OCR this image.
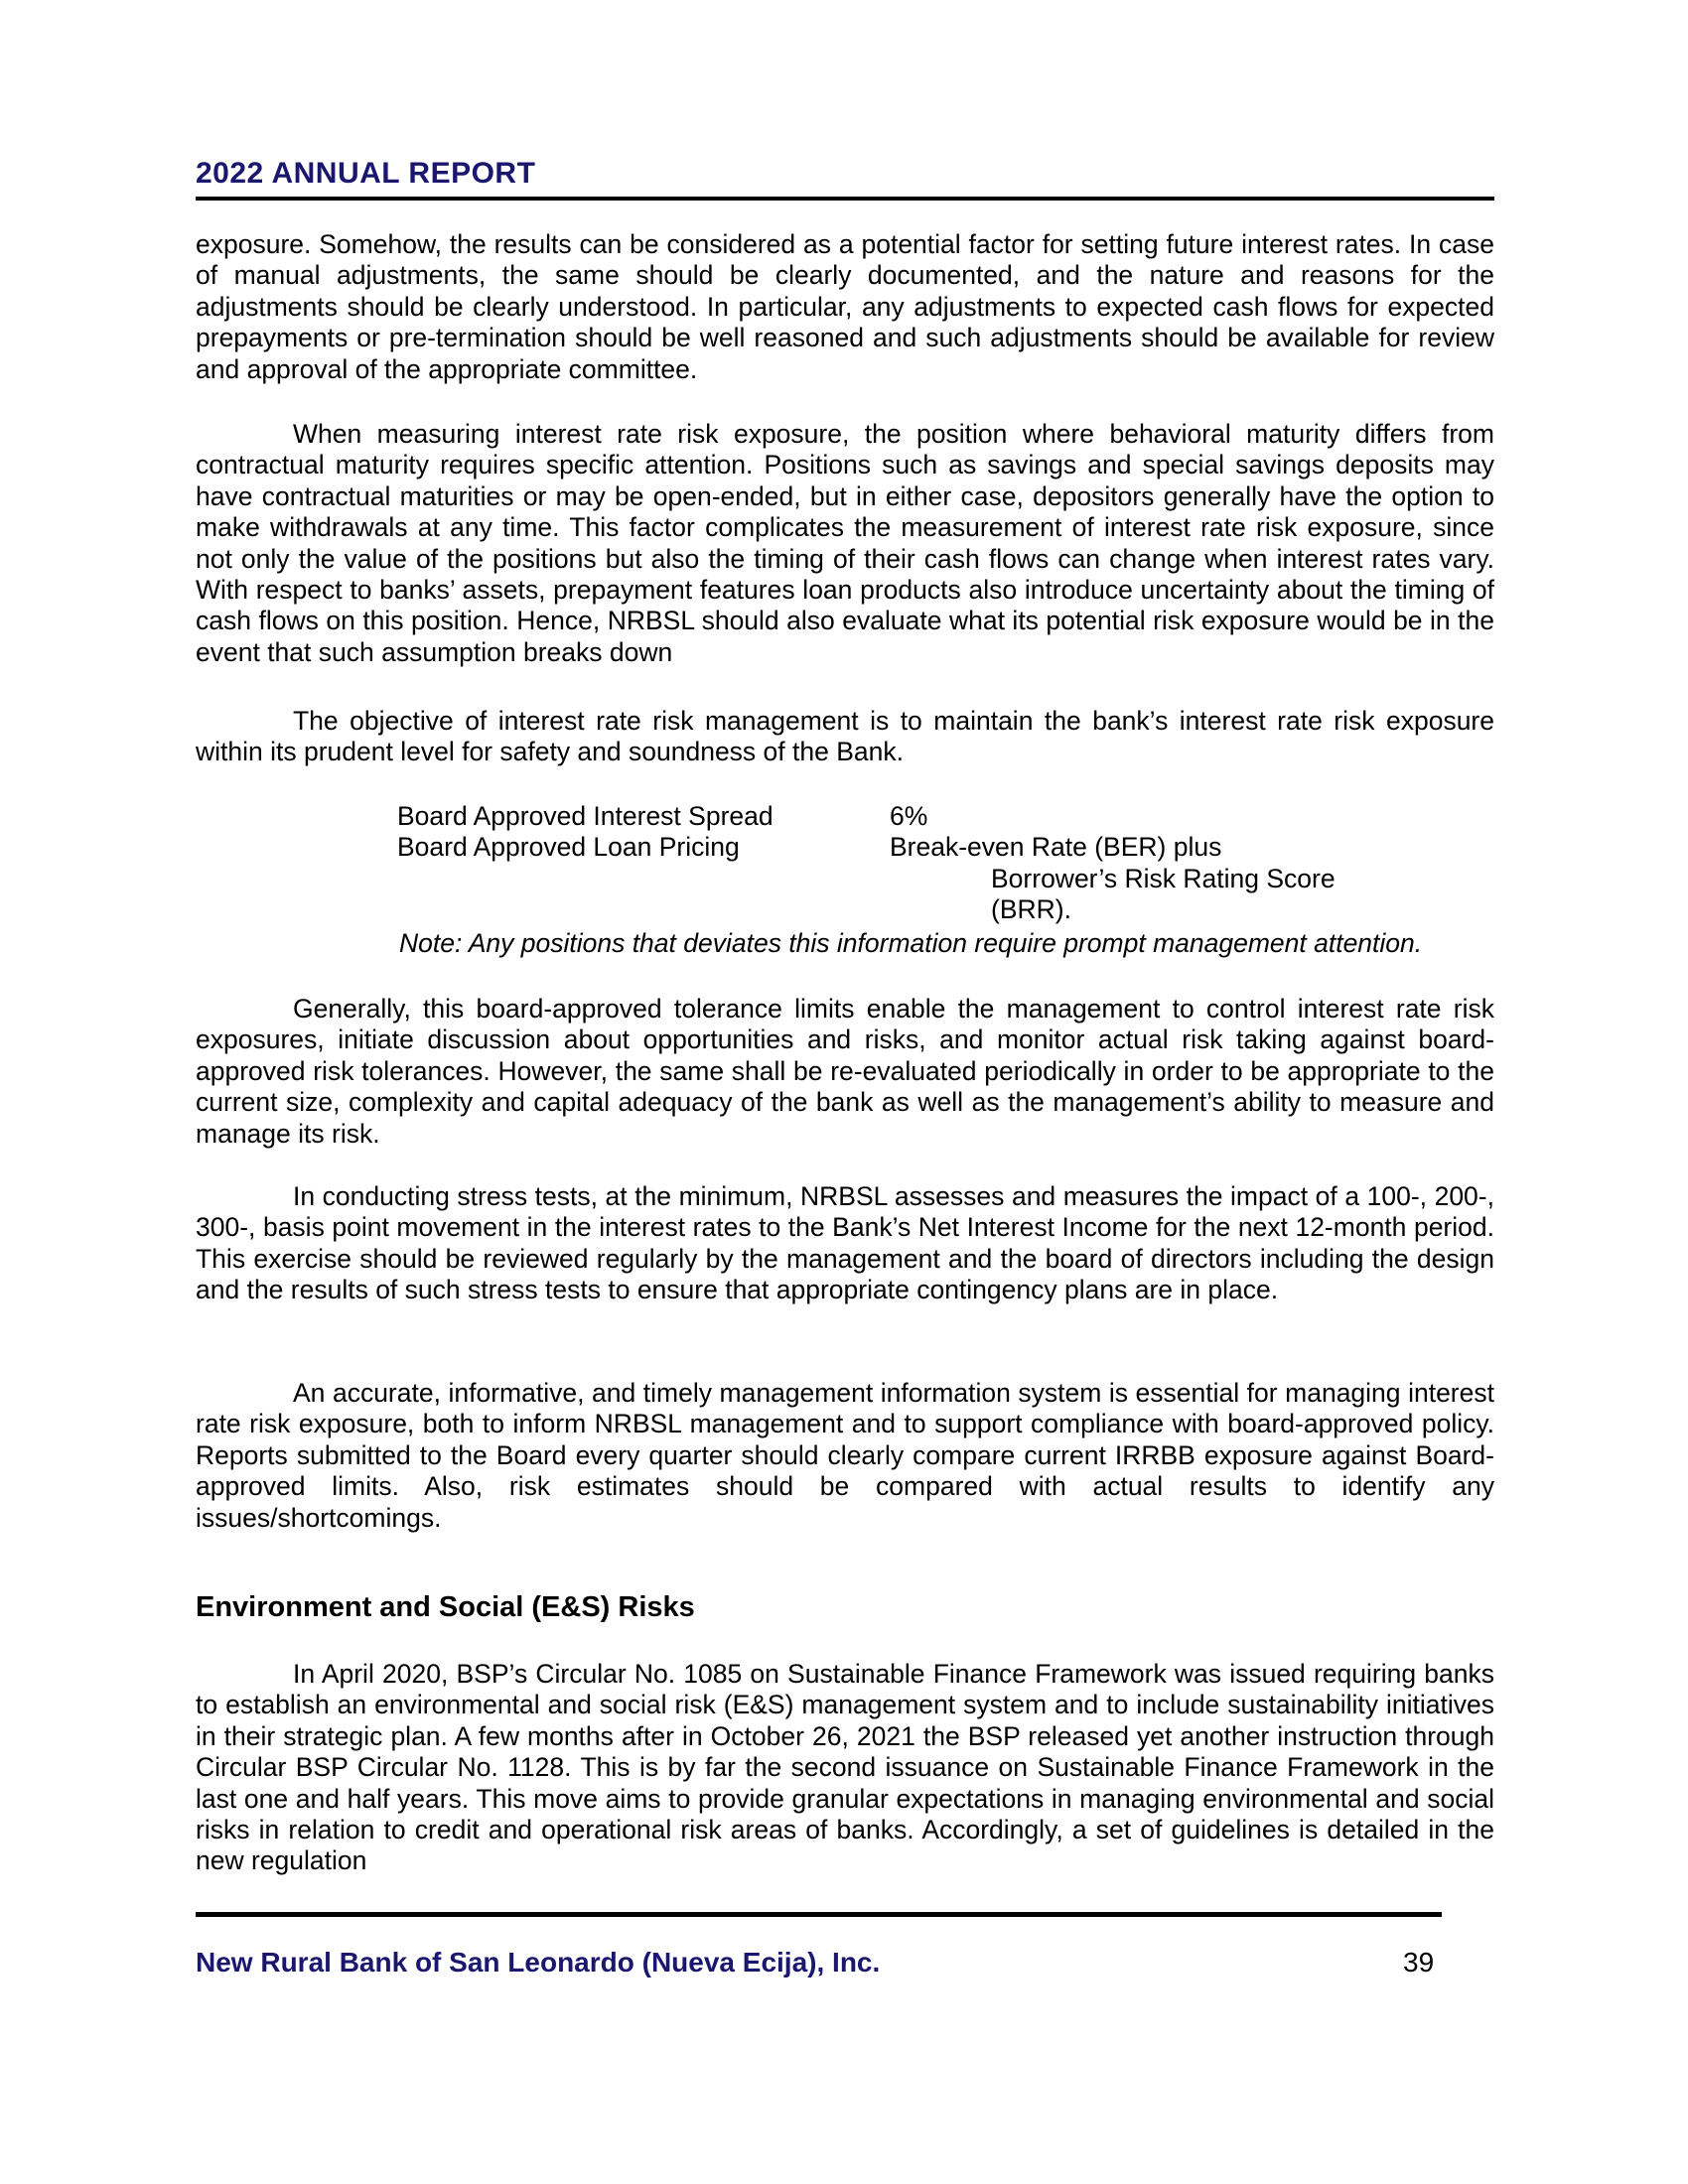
2022 ANNUAL REPORT

exposure. Somehow, the results can be considered as a potential factor for setting future interest rates. In case of manual adjustments, the same should be clearly documented, and the nature and reasons for the adjustments should be clearly understood. In particular, any adjustments to expected cash flows for expected prepayments or pre-termination should be well reasoned and such adjustments should be available for review and approval of the appropriate committee.

When measuring interest rate risk exposure, the position where behavioral maturity differs from contractual maturity requires specific attention. Positions such as savings and special savings deposits may have contractual maturities or may be open-ended, but in either case, depositors generally have the option to make withdrawals at any time. This factor complicates the measurement of interest rate risk exposure, since not only the value of the positions but also the timing of their cash flows can change when interest rates vary. With respect to banks’ assets, prepayment features loan products also introduce uncertainty about the timing of cash flows on this position. Hence, NRBSL should also evaluate what its potential risk exposure would be in the event that such assumption breaks down

The objective of interest rate risk management is to maintain the bank’s interest rate risk exposure within its prudent level for safety and soundness of the Bank.

Board Approved Interest Spread	6%
Board Approved Loan Pricing	Break-even Rate (BER) plus
Borrower’s Risk Rating Score
(BRR).
Note: Any positions that deviates this information require prompt management attention.

Generally, this board-approved tolerance limits enable the management to control interest rate risk exposures, initiate discussion about opportunities and risks, and monitor actual risk taking against board-approved risk tolerances. However, the same shall be re-evaluated periodically in order to be appropriate to the current size, complexity and capital adequacy of the bank as well as the management’s ability to measure and manage its risk.

In conducting stress tests, at the minimum, NRBSL assesses and measures the impact of a 100-, 200-, 300-, basis point movement in the interest rates to the Bank’s Net Interest Income for the next 12-month period. This exercise should be reviewed regularly by the management and the board of directors including the design and the results of such stress tests to ensure that appropriate contingency plans are in place.

An accurate, informative, and timely management information system is essential for managing interest rate risk exposure, both to inform NRBSL management and to support compliance with board-approved policy. Reports submitted to the Board every quarter should clearly compare current IRRBB exposure against Board-approved limits. Also, risk estimates should be compared with actual results to identify any issues/shortcomings.

Environment and Social (E&S) Risks

In April 2020, BSP’s Circular No. 1085 on Sustainable Finance Framework was issued requiring banks to establish an environmental and social risk (E&S) management system and to include sustainability initiatives in their strategic plan. A few months after in October 26, 2021 the BSP released yet another instruction through Circular BSP Circular No. 1128. This is by far the second issuance on Sustainable Finance Framework in the last one and half years. This move aims to provide granular expectations in managing environmental and social risks in relation to credit and operational risk areas of banks. Accordingly, a set of guidelines is detailed in the new regulation

New Rural Bank of San Leonardo (Nueva Ecija), Inc.	39
